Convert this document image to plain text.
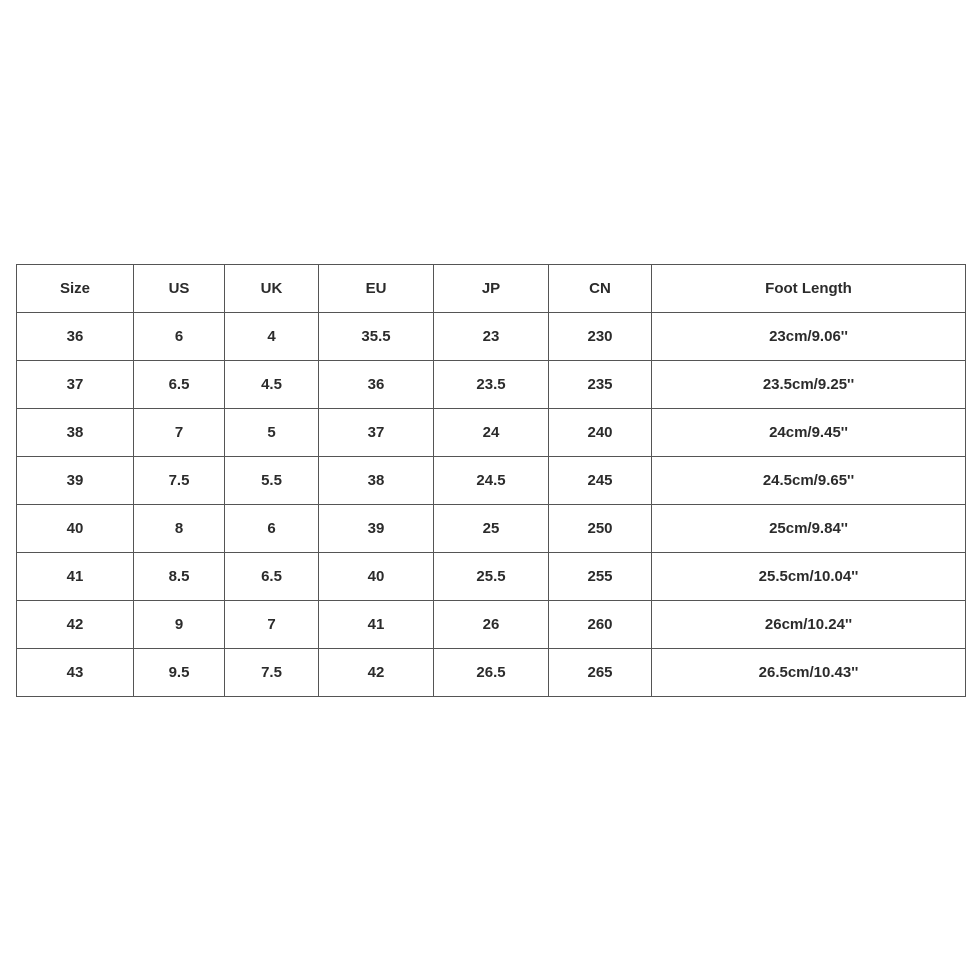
Size	US	UK	EU	JP	CN	Foot Length
36	6	4	35.5	23	230	23cm/9.06''
37	6.5	4.5	36	23.5	235	23.5cm/9.25''
38	7	5	37	24	240	24cm/9.45''
39	7.5	5.5	38	24.5	245	24.5cm/9.65''
40	8	6	39	25	250	25cm/9.84''
41	8.5	6.5	40	25.5	255	25.5cm/10.04''
42	9	7	41	26	260	26cm/10.24''
43	9.5	7.5	42	26.5	265	26.5cm/10.43''
